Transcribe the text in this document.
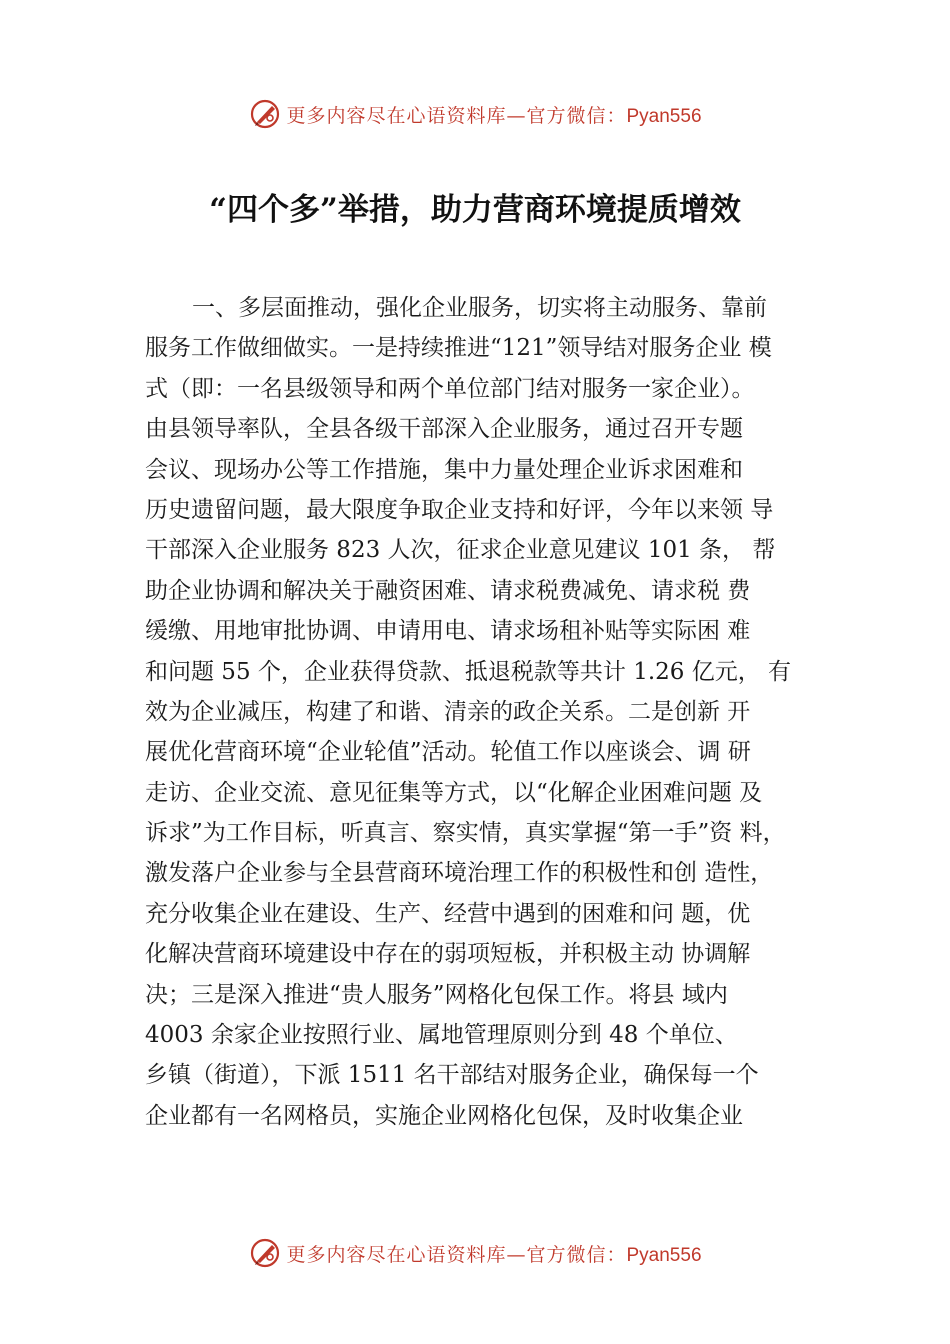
更多内容尽在心语资料库—官方微信：Pyan556
“四个多”举措，助力营商环境提质增效
一、多层面推动，强化企业服务，切实将主动服务、靠前
服务工作做细做实。一是持续推进“121”领导结对服务企业 模
式（即：一名县级领导和两个单位部门结对服务一家企业）。
由县领导率队，全县各级干部深入企业服务，通过召开专题
会议、现场办公等工作措施，集中力量处理企业诉求困难和
历史遗留问题，最大限度争取企业支持和好评，今年以来领 导
干部深入企业服务 823 人次，征求企业意见建议 101 条， 帮
助企业协调和解决关于融资困难、请求税费减免、请求税 费
缓缴、用地审批协调、申请用电、请求场租补贴等实际困 难
和问题 55 个，企业获得贷款、抵退税款等共计 1.26 亿元， 有
效为企业减压，构建了和谐、清亲的政企关系。二是创新 开
展优化营商环境“企业轮值”活动。轮值工作以座谈会、调 研
走访、企业交流、意见征集等方式，以“化解企业困难问题 及
诉求”为工作目标，听真言、察实情，真实掌握“第一手”资 料，
激发落户企业参与全县营商环境治理工作的积极性和创 造性，
充分收集企业在建设、生产、经营中遇到的困难和问 题，优
化解决营商环境建设中存在的弱项短板，并积极主动 协调解
决；三是深入推进“贵人服务”网格化包保工作。将县 域内
4003 余家企业按照行业、属地管理原则分到 48 个单位、
乡镇（街道），下派 1511 名干部结对服务企业，确保每一个
企业都有一名网格员，实施企业网格化包保，及时收集企业
更多内容尽在心语资料库—官方微信：Pyan556
